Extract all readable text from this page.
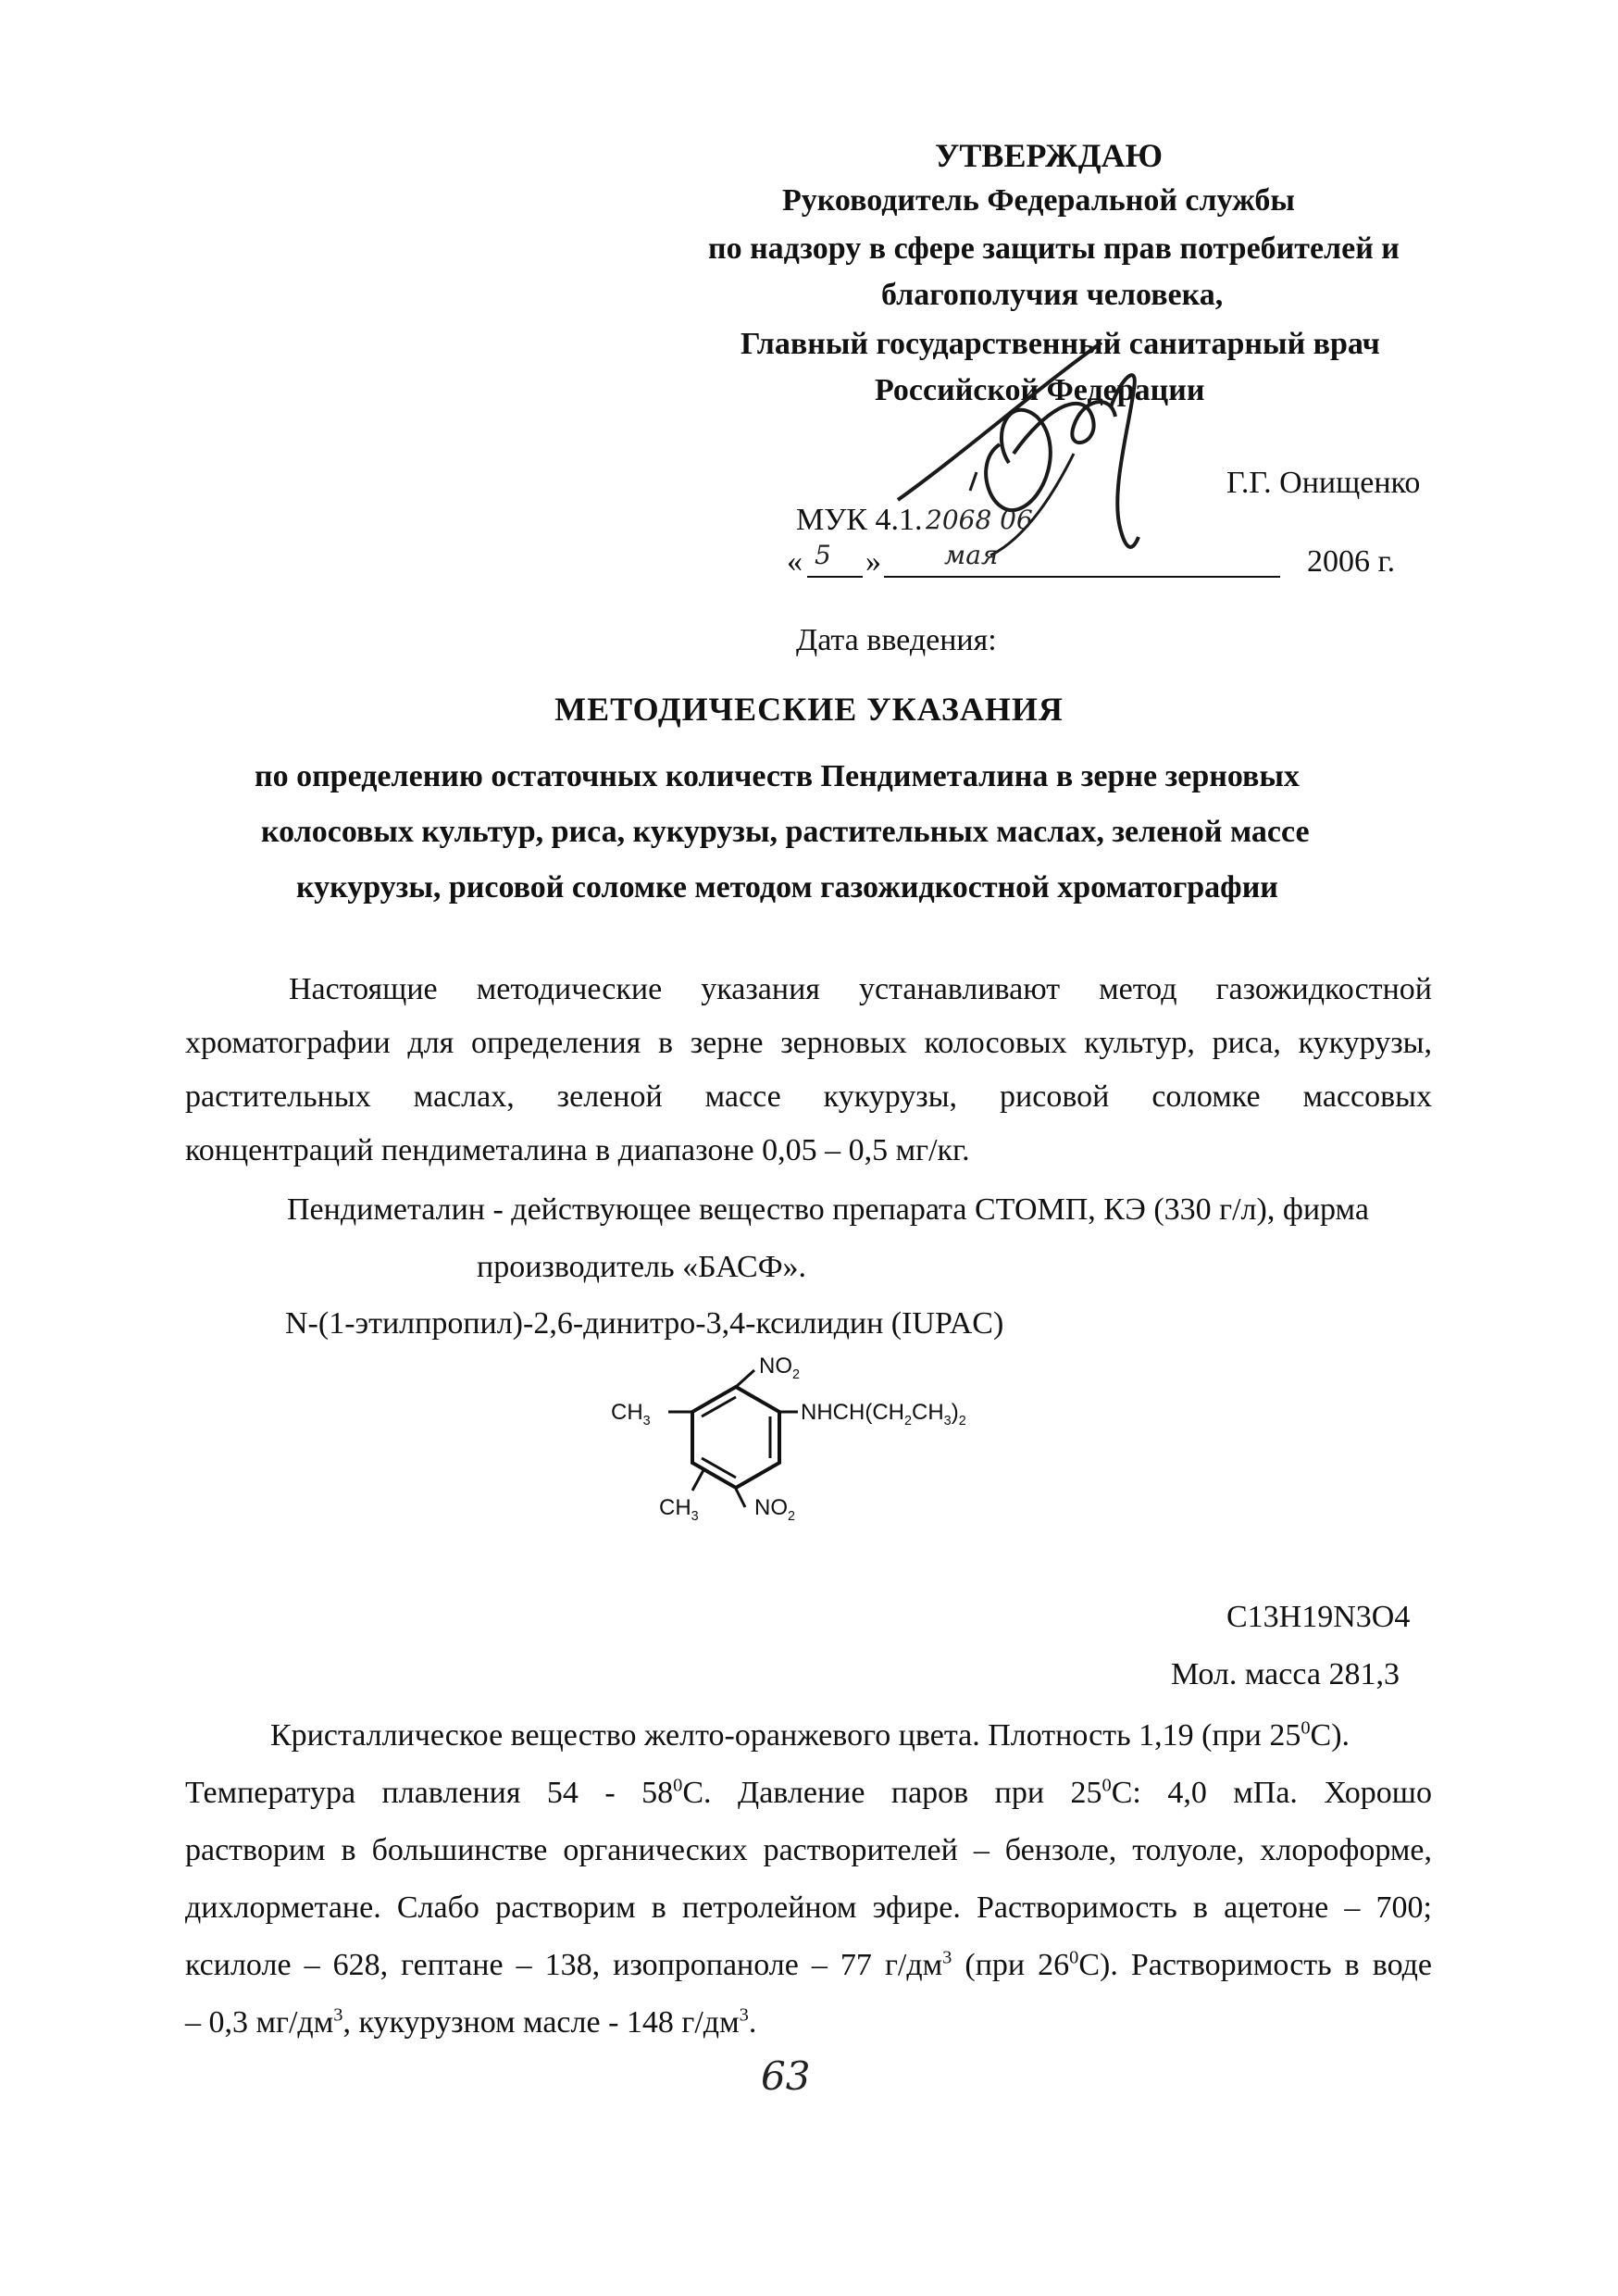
УТВЕРЖДАЮ
Руководитель Федеральной службы
по надзору в сфере защиты прав потребителей и
благополучия человека,
Главный государственный санитарный врач
Российской Федерации
Г.Г. Онищенко
МУК 4.1. 2068 06
« 5 » мая	2006 г.
Дата введения:
МЕТОДИЧЕСКИЕ УКАЗАНИЯ
по определению остаточных количеств Пендиметалина в зерне зерновых
колосовых культур, риса, кукурузы, растительных маслах, зеленой массе
кукурузы, рисовой соломке методом газожидкостной хроматографии
Настоящие методические указания устанавливают метод газожидкостной
хроматографии для определения в зерне зерновых колосовых культур, риса, кукурузы,
растительных маслах, зеленой массе кукурузы, рисовой соломке массовых
концентраций пендиметалина в диапазоне 0,05 – 0,5 мг/кг.
Пендиметалин - действующее вещество препарата СТОМП, КЭ (330 г/л), фирма
производитель «БАСФ».
N-(1-этилпропил)-2,6-динитро-3,4-ксилидин (IUPAC)
$NO_2$
$CH_3$	$NHCH(CH_2CH_3)_2$
$CH_3$	$NO_2$
C13H19N3O4
Мол. масса 281,3
Кристаллическое вещество желто-оранжевого цвета. Плотность 1,19 (при $25^0C$).
Температура плавления $54 - 58^0С$. Давление паров при $25^0С$: 4,0 мПа. Хорошо
растворим в большинстве органических растворителей – бензоле, толуоле, хлороформе,
дихлорметане. Слабо растворим в петролейном эфире. Растворимость в ацетоне – 700;
ксилоле – 628, гептане – 138, изопропаноле – 77 $г/дм^3$ (при $26^0С$). Растворимость в воде
– 0,3 $мг/дм^3$, кукурузном масле - 148 $г/дм^3$.
63
